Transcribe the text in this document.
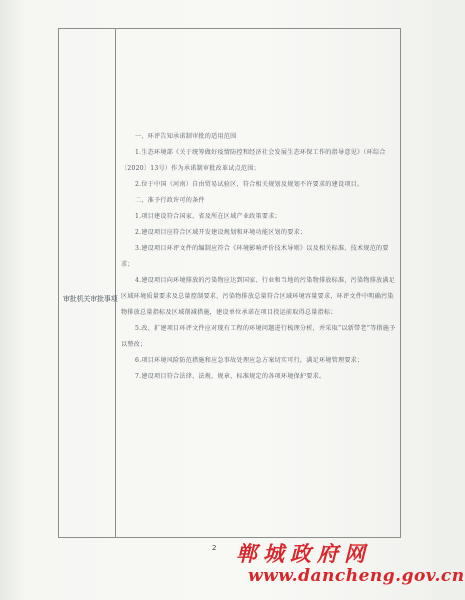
审批机关审批事项

一、环评告知承诺制审批的适用范围

1.生态环境部《关于统筹做好疫情防控和经济社会发展生态环保工作的指导意见》（环综合〔2020〕13号）作为承诺制审批改革试点范围；

2.位于中国（河南）自由贸易试验区，符合相关规划及规划不许要求的建设项目。

二、准予行政许可的条件

1.项目建设符合国家、省及所在区域产业政策要求；

2.建设项目应符合区域开发建设规划和环境功能区划的要求；

3.建设项目环评文件的编制应符合《环境影响评价技术导则》以及相关标准、技术规范的要求；

4.建设项目向环境排放的污染物应达到国家、行业和当地的污染物排放标准，污染物排放满足区域环境质量要求及总量控制要求，污染物排放总量符合区域环境容量要求，环评文件中明确污染物排放总量指标及区域削减措施，建设单位承诺在项目投运前取得总量指标；

5.改、扩建项目环评文件应对现有工程的环境问题进行梳理分析，并采取“以新带老”等措施予以整改；

6.项目环境风险防范措施和应急事故处理应急方案切实可行，满足环境管理要求；

7.建设项目符合法律、法规、规章、标准规定的各项环境保护要求。

2 郸城政府网
www.dancheng.gov.cn
